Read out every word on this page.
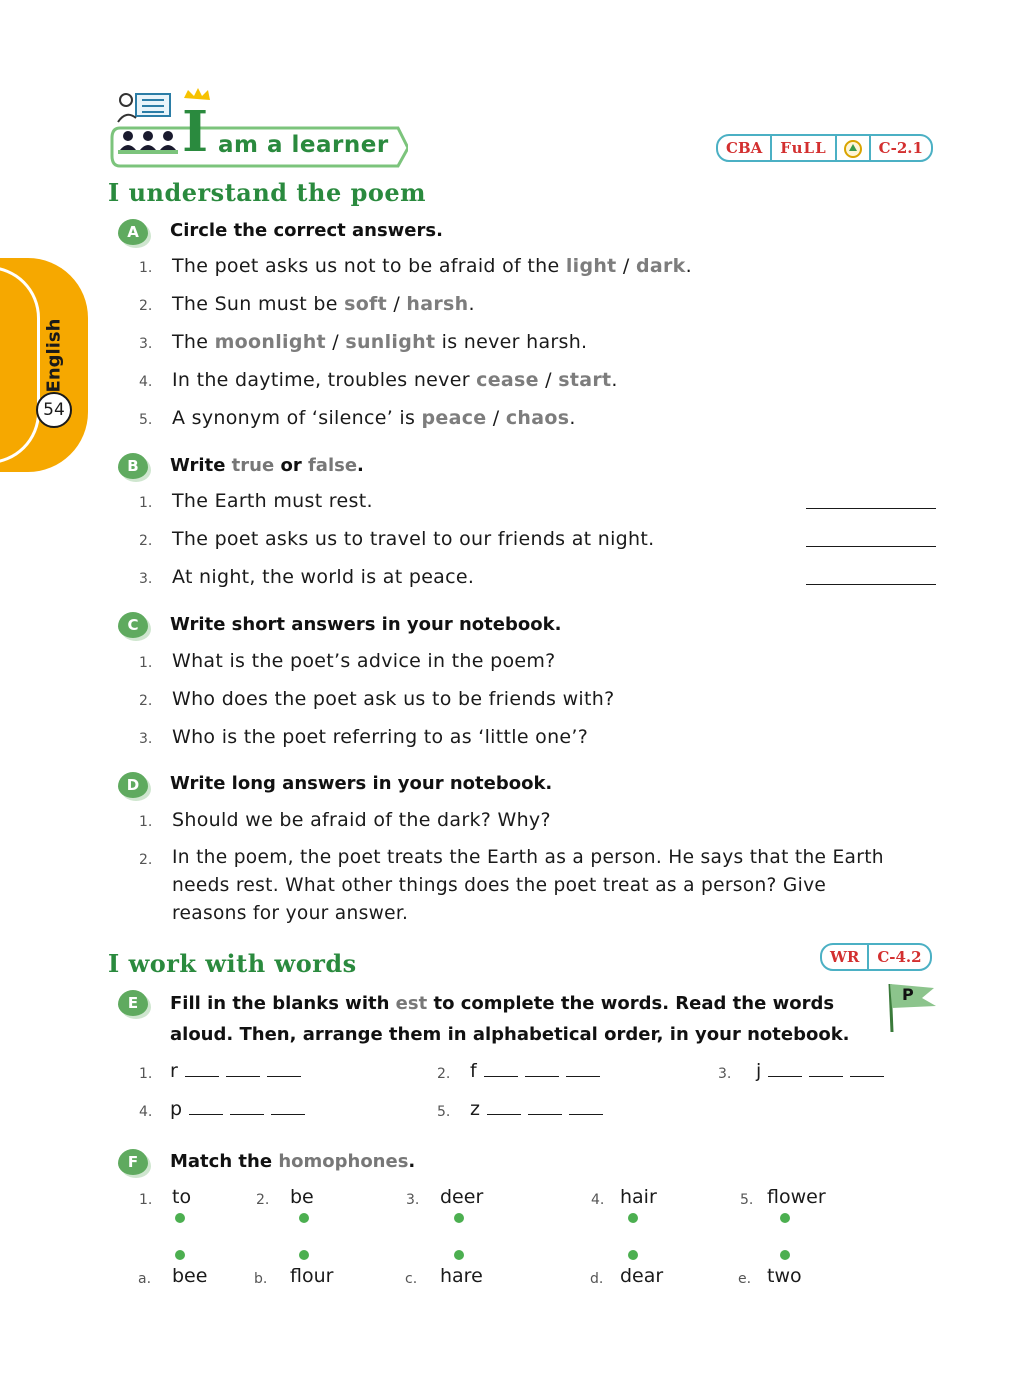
English
54
I am a learner	CBA	FuLL	C-2.1
I understand the poem
A	Circle the correct answers.
1.	The poet asks us not to be afraid of the light / dark.
2.	The Sun must be soft / harsh.
3.	The moonlight / sunlight is never harsh.
4.	In the daytime, troubles never cease / start.
5.	A synonym of ‘silence’ is peace / chaos.
B	Write true or false.
1.	The Earth must rest.
2.	The poet asks us to travel to our friends at night.
3.	At night, the world is at peace.
C	Write short answers in your notebook.
1.	What is the poet’s advice in the poem?
2.	Who does the poet ask us to be friends with?
3.	Who is the poet referring to as ‘little one’?
D	Write long answers in your notebook.
1.	Should we be afraid of the dark? Why?
2.	In the poem, the poet treats the Earth as a person. He says that the Earth
needs rest. What other things does the poet treat as a person? Give
reasons for your answer.
I work with words	WR	C-4.2
P
E	Fill in the blanks with est to complete the words. Read the words
aloud. Then, arrange them in alphabetical order, in your notebook.
1. r	2. f	3. j
4. p	5. z
F	Match the homophones.
1. to	2. be	3. deer	4. hair	5. flower
a. bee	b. flour	c. hare	d. dear	e. two
